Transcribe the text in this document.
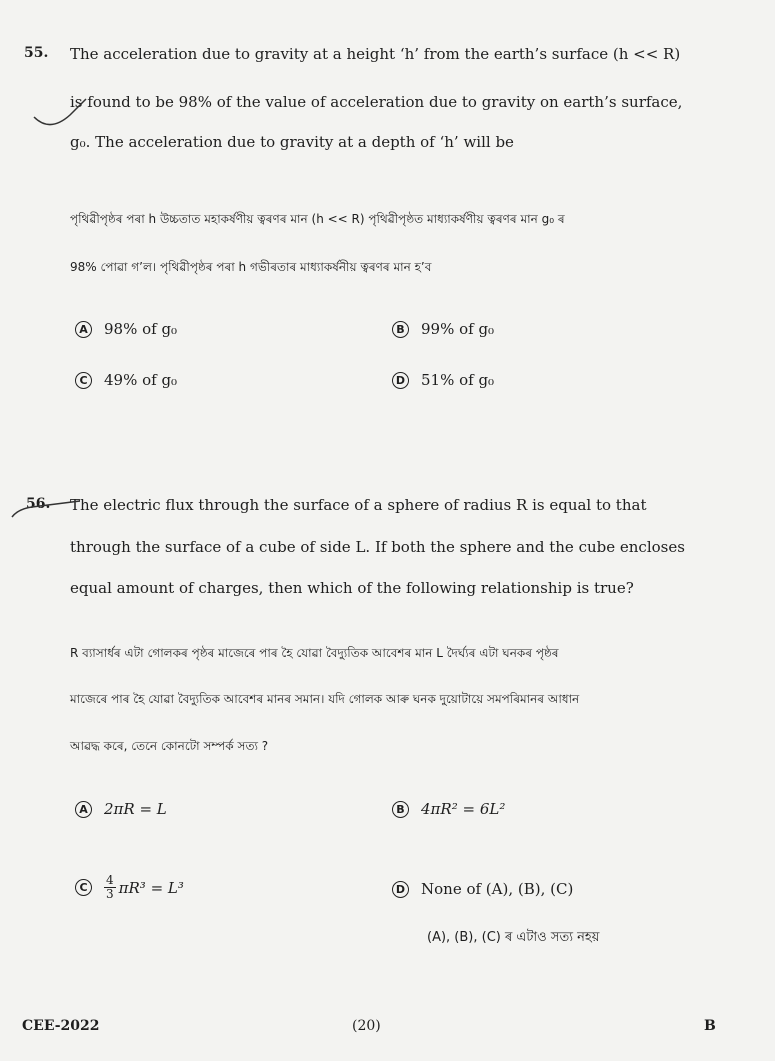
55. The acceleration due to gravity at a height ‘h’ from the earth’s surface (h << R)
is found to be 98% of the value of acceleration due to gravity on earth’s surface,
g₀. The acceleration due to gravity at a depth of ‘h’ will be
পৃথিৱীপৃষ্ঠৰ পৰা h উচ্চতাত মহাকৰ্ষণীয় ত্বৰণৰ মান (h << R) পৃথিৱীপৃষ্ঠত মাধ্যাকৰ্ষণীয় ত্বৰণৰ মান g₀ ৰ
98% পোৱা গ’ল। পৃথিৱীপৃষ্ঠৰ পৰা h গভীৰতাৰ মাধ্যাকৰ্ষনীয় ত্বৰণৰ মান হ’ব
A 98% of g₀	B 99% of g₀
C 49% of g₀	D 51% of g₀
56. The electric flux through the surface of a sphere of radius R is equal to that
through the surface of a cube of side L. If both the sphere and the cube encloses
equal amount of charges, then which of the following relationship is true?
R ব্যাসাৰ্ধৰ এটা গোলকৰ পৃষ্ঠৰ মাজেৰে পাৰ হৈ যোৱা বৈদ্যুতিক আবেশৰ মান L দৈৰ্ঘ্যৰ এটা ঘনকৰ পৃষ্ঠৰ
মাজেৰে পাৰ হৈ যোৱা বৈদ্যুতিক আবেশৰ মানৰ সমান। যদি গোলক আৰু ঘনক দুয়োটায়ে সমপৰিমানৰ আধান
আৱদ্ধ কৰে, তেনে কোনটো সম্পৰ্ক সত্য ?
A 2πR = L	B 4πR² = 6L²
C	$\frac{4}{3} \pi R^3 = L^3$	D None of (A), (B), (C)
(A), (B), (C) ৰ এটাও সত্য নহয়
CEE-2022	(20)	B
